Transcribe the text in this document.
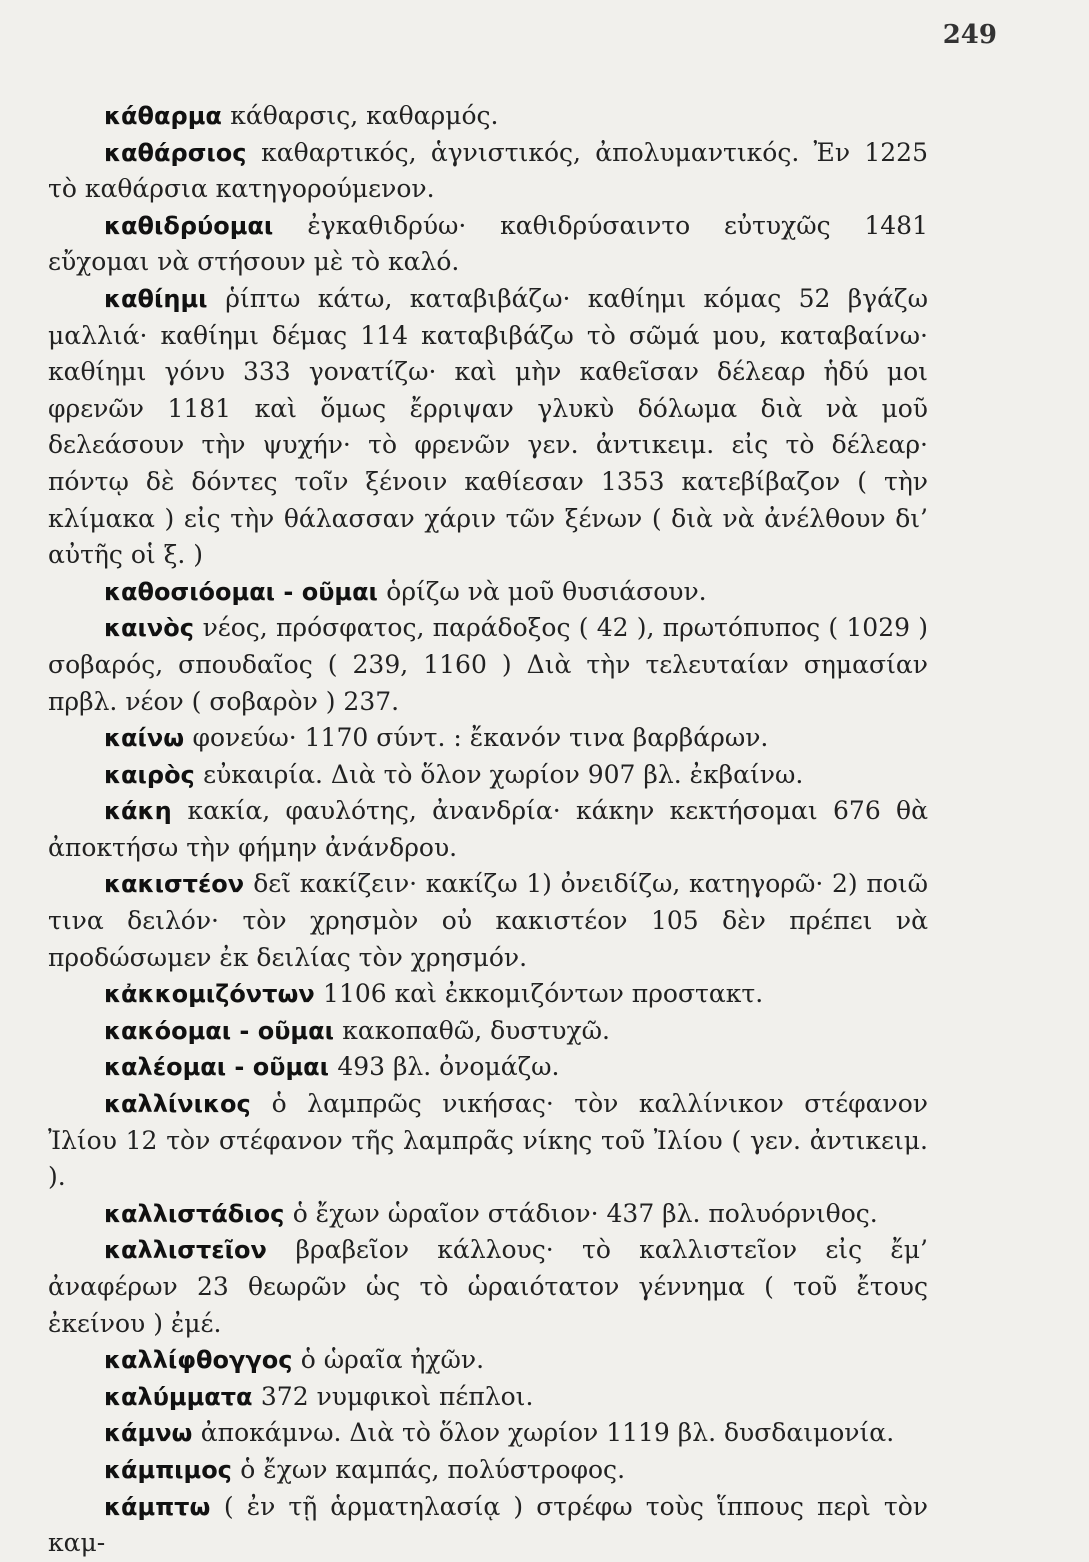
249

κάθαρμα κάθαρσις, καθαρμός.

καθάρσιος καθαρτικός, ἁγνιστικός, ἀπολυμαντικός. Ἐν 1225 τὸ καθάρσια κατηγορούμενον.

καθιδρύομαι ἐγκαθιδρύω· καθιδρύσαιντο εὐτυχῶς 1481 εὔχομαι νὰ στήσουν μὲ τὸ καλό.

καθίημι ῥίπτω κάτω, καταβιβάζω· καθίημι κόμας 52 βγάζω μαλλιά· καθίημι δέμας 114 καταβιβάζω τὸ σῶμά μου, καταβαίνω· καθίημι γόνυ 333 γονατίζω· καὶ μὴν καθεῖσαν δέλεαρ ἡδύ μοι φρενῶν 1181 καὶ ὅμως ἔρριψαν γλυκὺ δόλωμα διὰ νὰ μοῦ δελεάσουν τὴν ψυχήν· τὸ φρενῶν γεν. ἀντικειμ. εἰς τὸ δέλεαρ· πόντῳ δὲ δόντες τοῖν ξένοιν καθίεσαν 1353 κατεβίβαζον ( τὴν κλίμακα ) εἰς τὴν θάλασσαν χάριν τῶν ξένων ( διὰ νὰ ἀνέλθουν δι’ αὐτῆς οἱ ξ. )

καθοσιόομαι - οῦμαι ὁρίζω νὰ μοῦ θυσιάσουν.

καινὸς νέος, πρόσφατος, παράδοξος ( 42 ), πρωτόπυπος ( 1029 ) σοβαρός, σπουδαῖος ( 239, 1160 ) Διὰ τὴν τελευταίαν σημασίαν πρβλ. νέον ( σοβαρὸν ) 237.

καίνω φονεύω· 1170 σύντ. : ἔκανόν τινα βαρβάρων.

καιρὸς εὐκαιρία. Διὰ τὸ ὅλον χωρίον 907 βλ. ἐκβαίνω.

κάκη κακία, φαυλότης, ἀνανδρία· κάκην κεκτήσομαι 676 θὰ ἀποκτήσω τὴν φήμην ἀνάνδρου.

κακιστέον δεῖ κακίζειν· κακίζω 1) ὀνειδίζω, κατηγορῶ· 2) ποιῶ τινα δειλόν· τὸν χρησμὸν οὐ κακιστέον 105 δὲν πρέπει νὰ προδώσωμεν ἐκ δειλίας τὸν χρησμόν.

κἀκκομιζόντων 1106 καὶ ἐκκομιζόντων προστακτ.

κακόομαι - οῦμαι κακοπαθῶ, δυστυχῶ.

καλέομαι - οῦμαι 493 βλ. ὀνομάζω.

καλλίνικος ὁ λαμπρῶς νικήσας· τὸν καλλίνικον στέφανον Ἰλίου 12 τὸν στέφανον τῆς λαμπρᾶς νίκης τοῦ Ἰλίου ( γεν. ἀντικειμ. ).

καλλιστάδιος ὁ ἔχων ὡραῖον στάδιον· 437 βλ. πολυόρνιθος.

καλλιστεῖον βραβεῖον κάλλους· τὸ καλλιστεῖον εἰς ἔμ’ ἀναφέρων 23 θεωρῶν ὡς τὸ ὡραιότατον γέννημα ( τοῦ ἔτους ἐκείνου ) ἐμέ.

καλλίφθογγος ὁ ὡραῖα ἠχῶν.

καλύμματα 372 νυμφικοὶ πέπλοι.

κάμνω ἀποκάμνω. Διὰ τὸ ὅλον χωρίον 1119 βλ. δυσδαιμονία.

κάμπιμος ὁ ἔχων καμπάς, πολύστροφος.

κάμπτω ( ἐν τῇ ἁρματηλασίᾳ ) στρέφω τοὺς ἵππους περὶ τὸν καμ-
